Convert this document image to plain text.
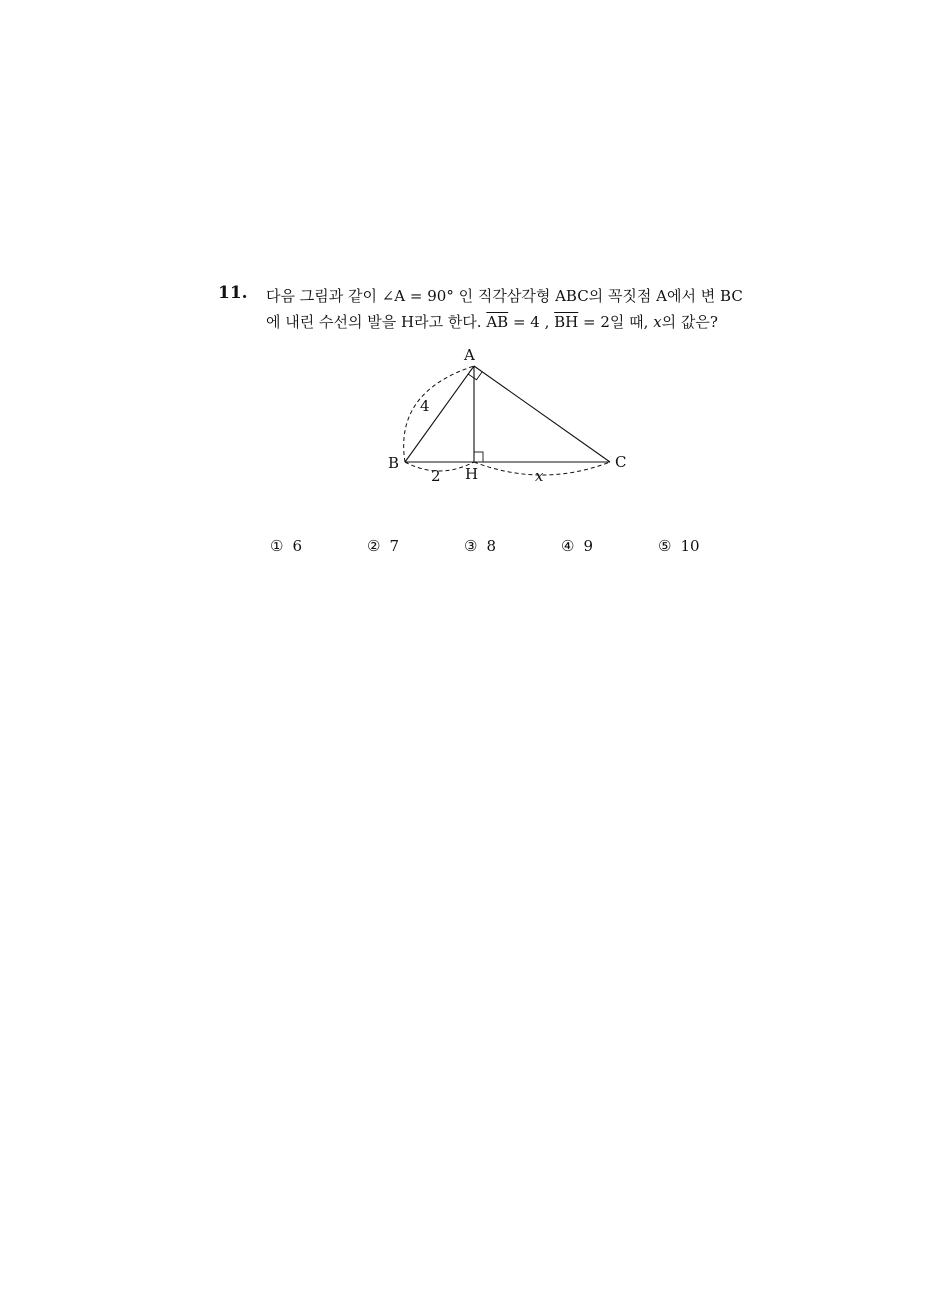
11. 다음 그림과 같이 ∠A = 90° 인 직각삼각형 ABC의 꼭짓점 A에서 변 BC
에 내린 수선의 발을 H라고 한다. $\overline{AB} = 4$ , $\overline{BH} = 2$일 때, x의 값은?
A
B	C
H
4
2	x
① 6	② 7	③ 8	④ 9	⑤ 10
